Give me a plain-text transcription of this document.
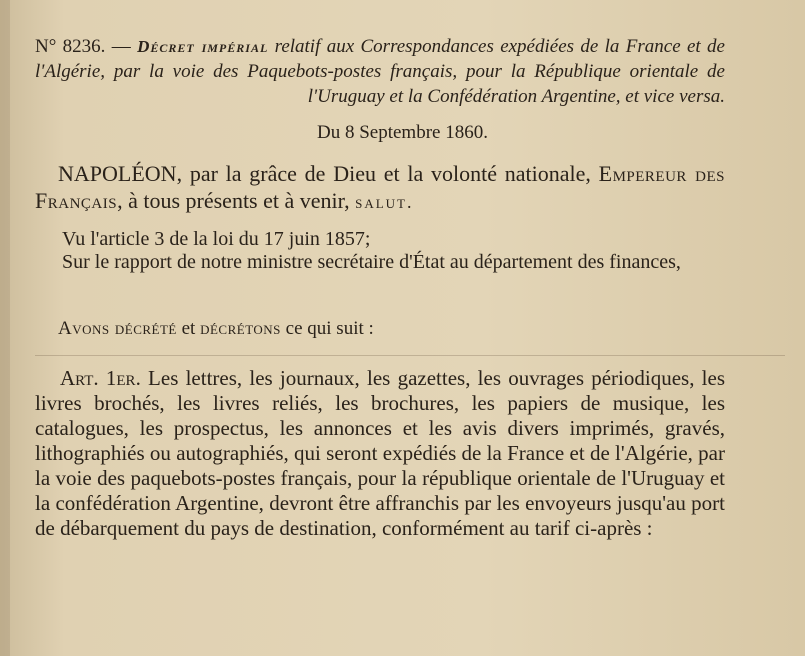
N° 8236. — Décret impérial relatif aux Correspondances expédiées de la France et de l'Algérie, par la voie des Paquebots-postes français, pour la République orientale de l'Uruguay et la Confédération Argentine, et vice versa.

Du 8 Septembre 1860.

NAPOLÉON, par la grâce de Dieu et la volonté nationale, Empereur des Français, à tous présents et à venir, salut.

Vu l'article 3 de la loi du 17 juin 1857;

Sur le rapport de notre ministre secrétaire d'État au département des finances,

Avons décrété et décrétons ce qui suit :

Art. 1er. Les lettres, les journaux, les gazettes, les ouvrages périodiques, les livres brochés, les livres reliés, les brochures, les papiers de musique, les catalogues, les prospectus, les annonces et les avis divers imprimés, gravés, lithographiés ou autographiés, qui seront expédiés de la France et de l'Algérie, par la voie des paquebots-postes français, pour la république orientale de l'Uruguay et la confédération Argentine, devront être affranchis par les envoyeurs jusqu'au port de débarquement du pays de destination, conformément au tarif ci-après :
